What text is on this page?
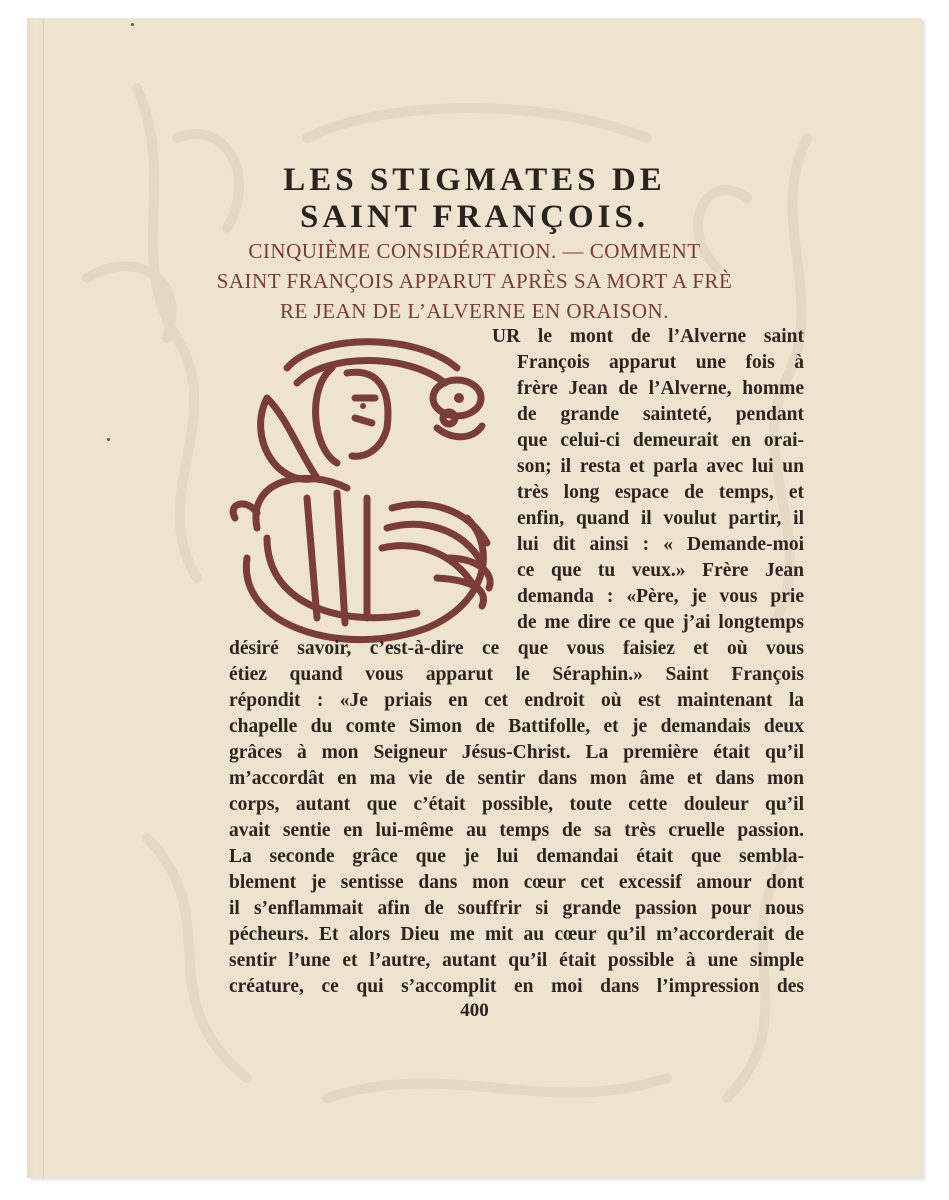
LES STIGMATES DE
SAINT FRANÇOIS.
CINQUIÈME CONSIDÉRATION. — COMMENT
SAINT FRANÇOIS APPARUT APRÈS SA MORT A FRÈ
RE JEAN DE L’ALVERNE EN ORAISON.
UR le mont de l’Alverne saint
François apparut une fois à
frère Jean de l’Alverne, homme
de grande sainteté, pendant
que celui-ci demeurait en orai-
son; il resta et parla avec lui un
très long espace de temps, et
enfin, quand il voulut partir, il
lui dit ainsi : « Demande-moi
ce que tu veux.» Frère Jean
demanda : «Père, je vous prie
de me dire ce que j’ai longtemps
désiré savoir, c’est-à-dire ce que vous faisiez et où vous
étiez quand vous apparut le Séraphin.» Saint François
répondit : «Je priais en cet endroit où est maintenant la
chapelle du comte Simon de Battifolle, et je demandais deux
grâces à mon Seigneur Jésus-Christ. La première était qu’il
m’accordât en ma vie de sentir dans mon âme et dans mon
corps, autant que c’était possible, toute cette douleur qu’il
avait sentie en lui-même au temps de sa très cruelle passion.
La seconde grâce que je lui demandai était que sembla-
blement je sentisse dans mon cœur cet excessif amour dont
il s’enflammait afin de souffrir si grande passion pour nous
pécheurs. Et alors Dieu me mit au cœur qu’il m’accorderait de
sentir l’une et l’autre, autant qu’il était possible à une simple
créature, ce qui s’accomplit en moi dans l’impression des
400
